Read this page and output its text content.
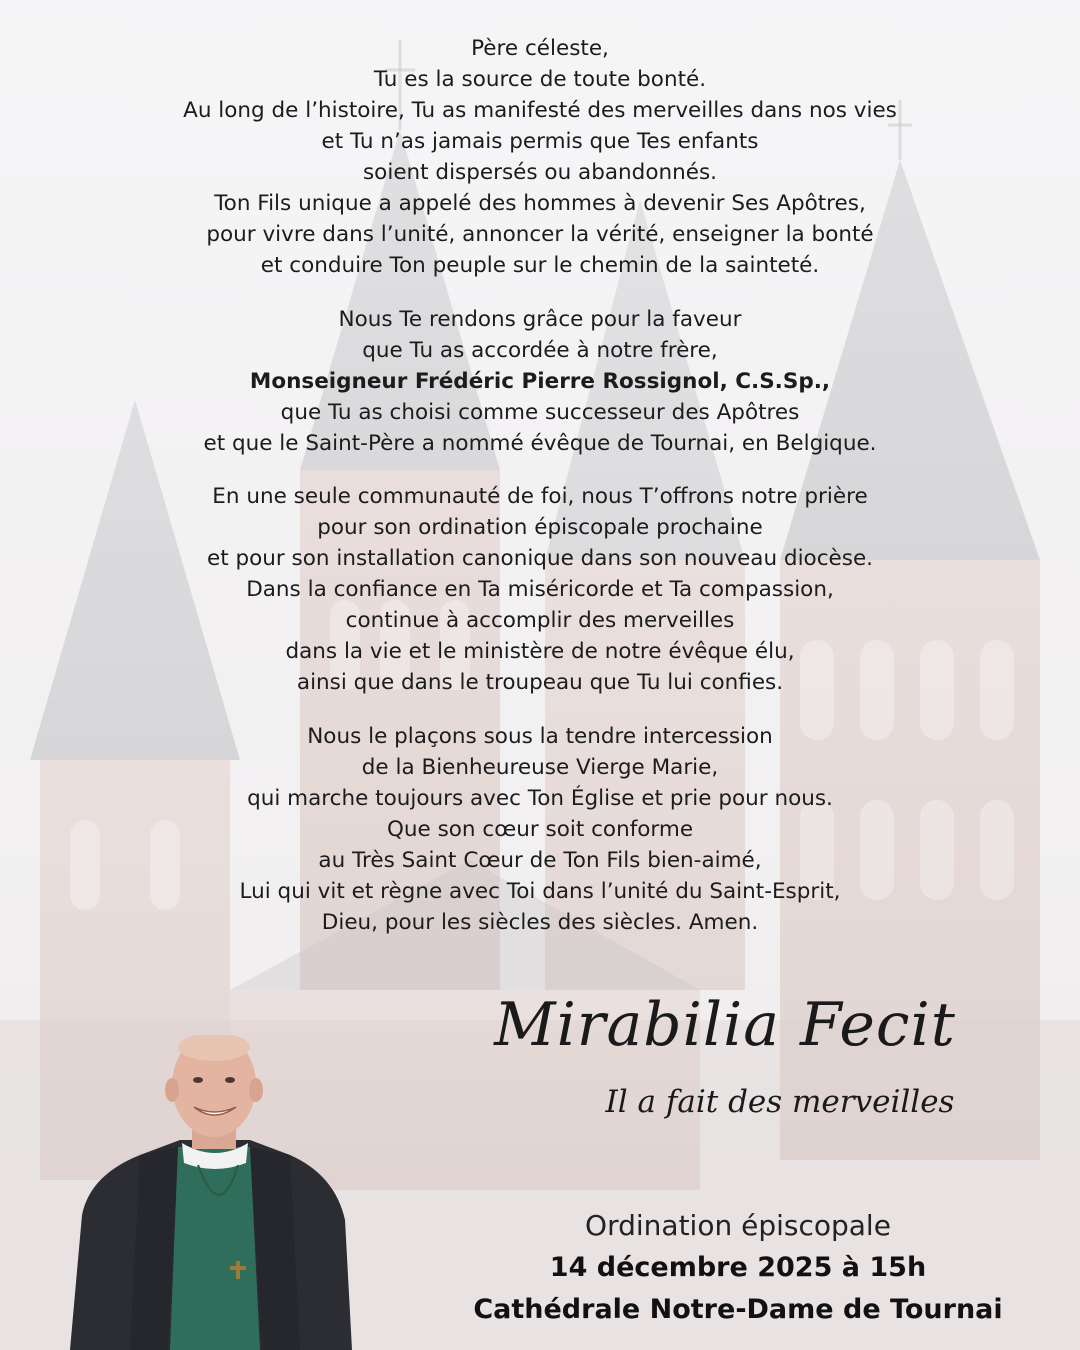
Père céleste,
Tu es la source de toute bonté.
Au long de l’histoire, Tu as manifesté des merveilles dans nos vies
et Tu n’as jamais permis que Tes enfants
soient dispersés ou abandonnés.
Ton Fils unique a appelé des hommes à devenir Ses Apôtres,
pour vivre dans l’unité, annoncer la vérité, enseigner la bonté
et conduire Ton peuple sur le chemin de la sainteté.
Nous Te rendons grâce pour la faveur
que Tu as accordée à notre frère,
Monseigneur Frédéric Pierre Rossignol, C.S.Sp.,
que Tu as choisi comme successeur des Apôtres
et que le Saint-Père a nommé évêque de Tournai, en Belgique.
En une seule communauté de foi, nous T’offrons notre prière
pour son ordination épiscopale prochaine
et pour son installation canonique dans son nouveau diocèse.
Dans la confiance en Ta miséricorde et Ta compassion,
continue à accomplir des merveilles
dans la vie et le ministère de notre évêque élu,
ainsi que dans le troupeau que Tu lui confies.
Nous le plaçons sous la tendre intercession
de la Bienheureuse Vierge Marie,
qui marche toujours avec Ton Église et prie pour nous.
Que son cœur soit conforme
au Très Saint Cœur de Ton Fils bien-aimé,
Lui qui vit et règne avec Toi dans l’unité du Saint-Esprit,
Dieu, pour les siècles des siècles. Amen.
Mirabilia Fecit
Il a fait des merveilles
Ordination épiscopale
14 décembre 2025 à 15h
Cathédrale Notre-Dame de Tournai
